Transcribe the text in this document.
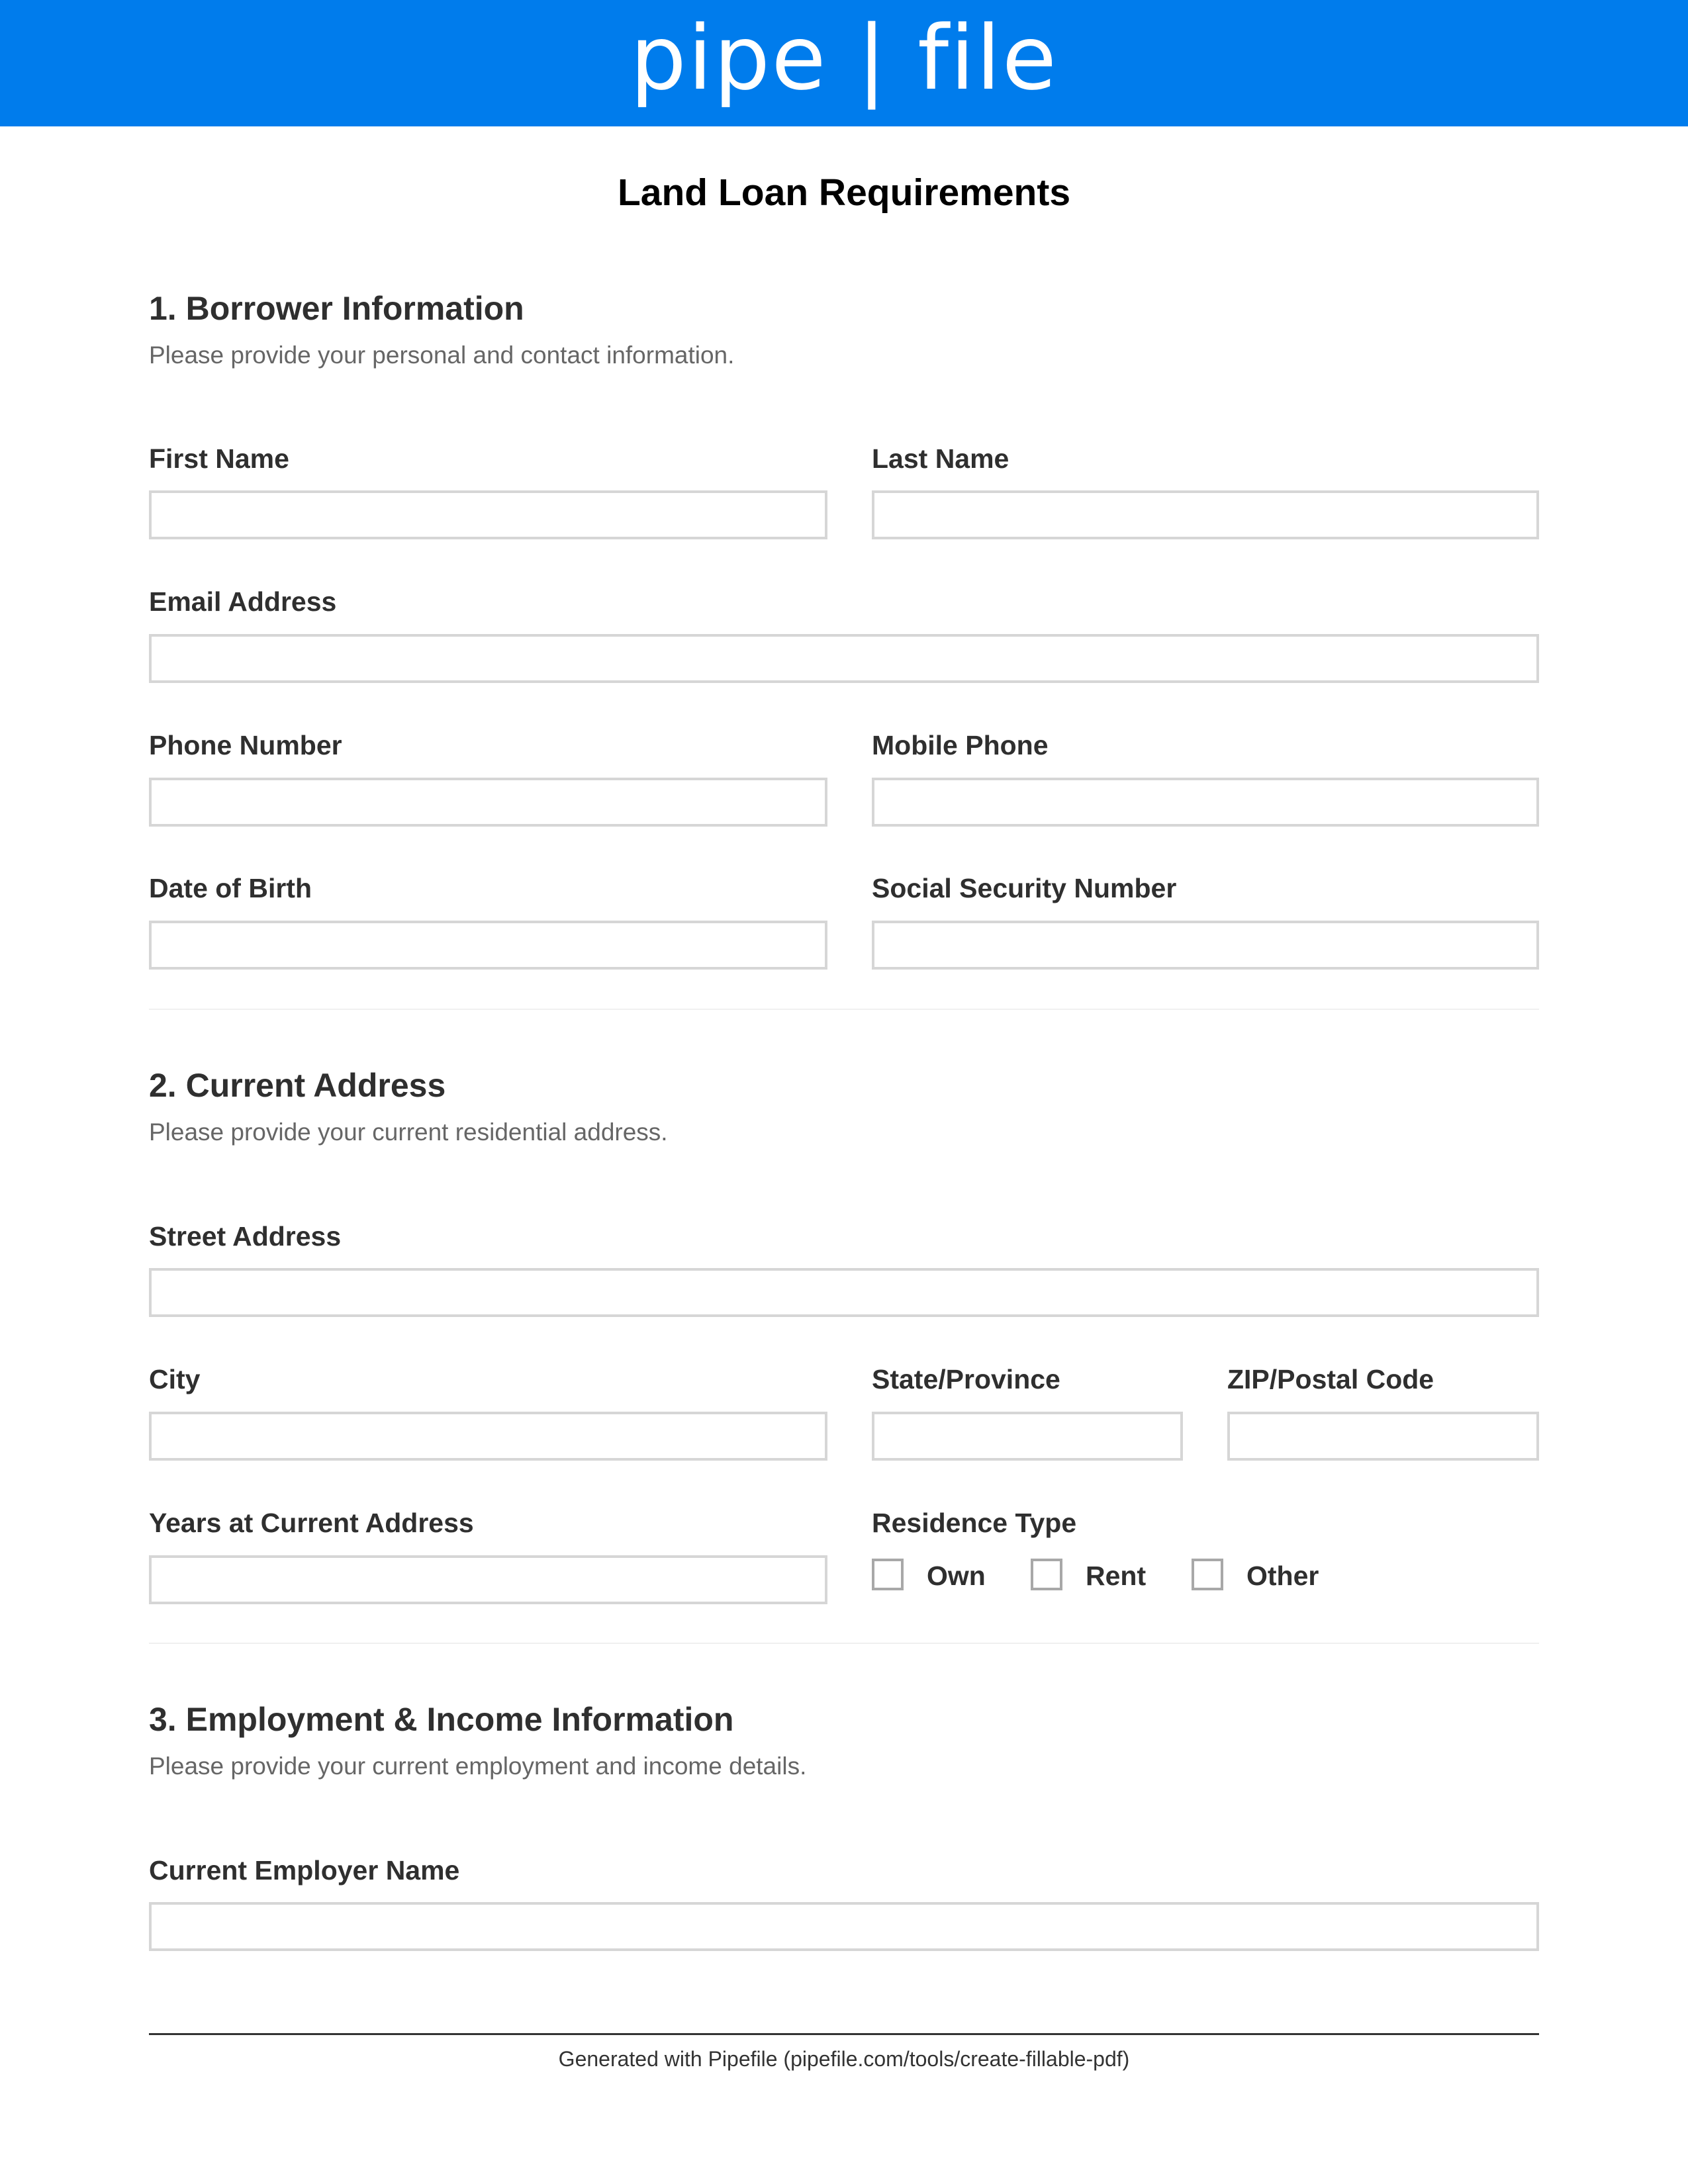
pipe | file
Land Loan Requirements
1. Borrower Information

Please provide your personal and contact information.

First Name	Last Name
Email Address
Phone Number	Mobile Phone
Date of Birth	Social Security Number
2. Current Address

Please provide your current residential address.

Street Address
City	State/Province	ZIP/Postal Code
Years at Current Address	Residence Type
Own	Rent	Other
3. Employment & Income Information

Please provide your current employment and income details.

Current Employer Name
Generated with Pipefile (pipefile.com/tools/create-fillable-pdf)
